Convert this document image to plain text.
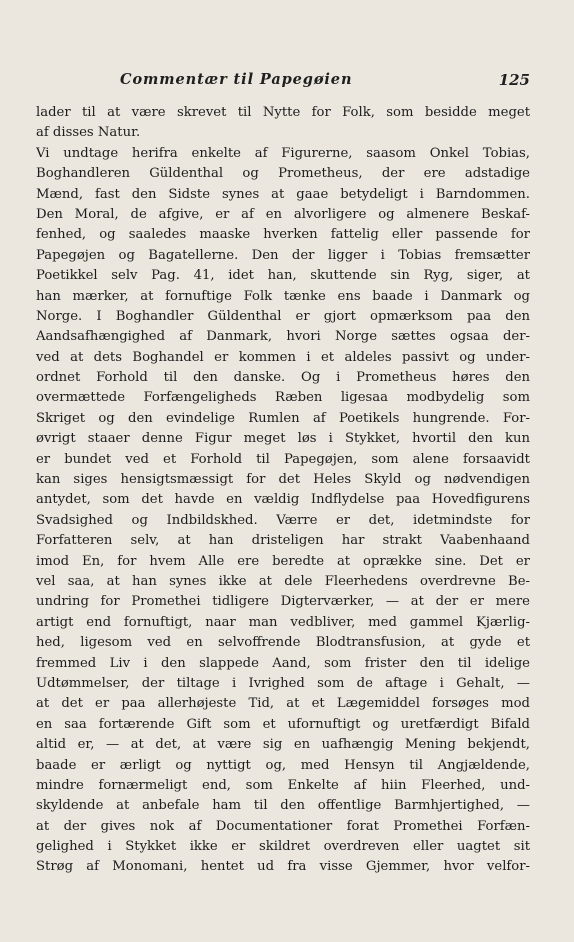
Commentær til Papegøien	125
lader til at være skrevet til Nytte for Folk, som besidde meget
af disses Natur.
Vi undtage herifra enkelte af Figurerne, saasom Onkel Tobias,
Boghandleren Güldenthal og Prometheus, der ere adstadige
Mænd, fast den Sidste synes at gaae betydeligt i Barndommen.
Den Moral, de afgive, er af en alvorligere og almenere Beskaf-
fenhed, og saaledes maaske hverken fattelig eller passende for
Papegøjen og Bagatellerne. Den der ligger i Tobias fremsætter
Poetikkel selv Pag. 41, idet han, skuttende sin Ryg, siger, at
han mærker, at fornuftige Folk tænke ens baade i Danmark og
Norge. I Boghandler Güldenthal er gjort opmærksom paa den
Aandsafhængighed af Danmark, hvori Norge sættes ogsaa der-
ved at dets Boghandel er kommen i et aldeles passivt og under-
ordnet Forhold til den danske. Og i Prometheus høres den
overmættede Forfængeligheds Ræben ligesaa modbydelig som
Skriget og den evindelige Rumlen af Poetikels hungrende. For-
øvrigt staaer denne Figur meget løs i Stykket, hvortil den kun
er bundet ved et Forhold til Papegøjen, som alene forsaavidt
kan siges hensigtsmæssigt for det Heles Skyld og nødvendigen
antydet, som det havde en vældig Indflydelse paa Hovedfigurens
Svadsighed og Indbildskhed. Værre er det, idetmindste for
Forfatteren selv, at han dristeligen har strakt Vaabenhaand
imod En, for hvem Alle ere beredte at oprække sine. Det er
vel saa, at han synes ikke at dele Fleerhedens overdrevne Be-
undring for Promethei tidligere Digterværker, — at der er mere
artigt end fornuftigt, naar man vedbliver, med gammel Kjærlig-
hed, ligesom ved en selvoffrende Blodtransfusion, at gyde et
fremmed Liv i den slappede Aand, som frister den til idelige
Udtømmelser, der tiltage i Ivrighed som de aftage i Gehalt, —
at det er paa allerhøjeste Tid, at et Lægemiddel forsøges mod
en saa fortærende Gift som et ufornuftigt og uretfærdigt Bifald
altid er, — at det, at være sig en uafhængig Mening bekjendt,
baade er ærligt og nyttigt og, med Hensyn til Angjældende,
mindre fornærmeligt end, som Enkelte af hiin Fleerhed, und-
skyldende at anbefale ham til den offentlige Barmhjertighed, —
at der gives nok af Documentationer forat Promethei Forfæn-
gelighed i Stykket ikke er skildret overdreven eller uagtet sit
Strøg af Monomani, hentet ud fra visse Gjemmer, hvor velfor-
